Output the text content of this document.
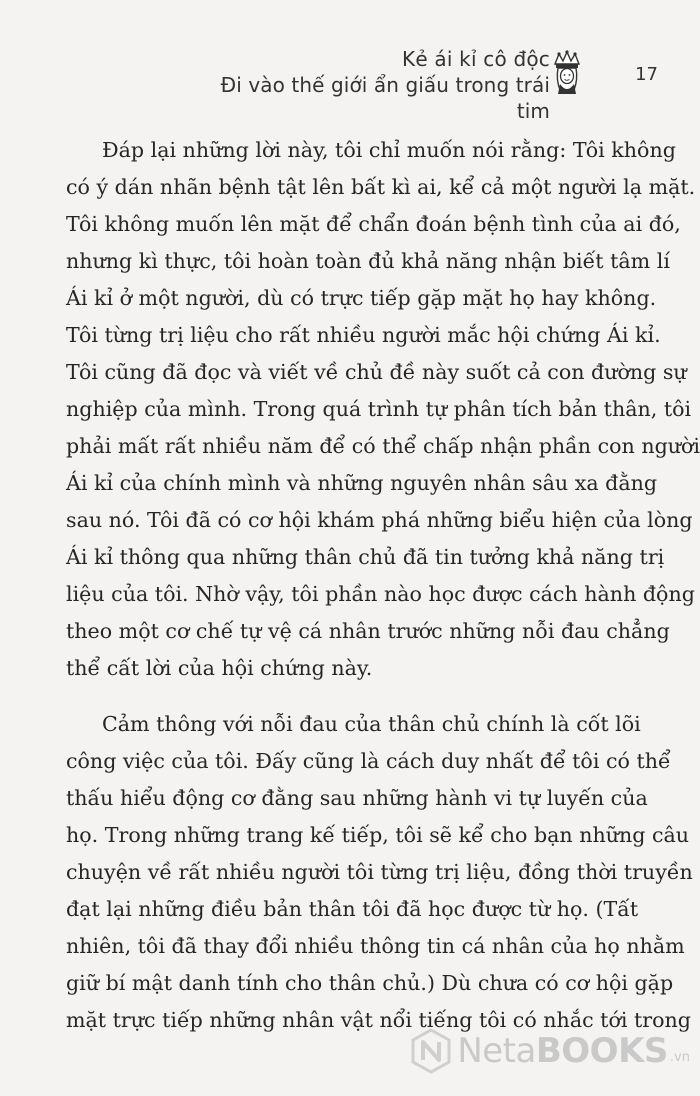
Kẻ ái kỉ cô độc
Đi vào thế giới ẩn giấu trong trái tim
17

Đáp lại những lời này, tôi chỉ muốn nói rằng: Tôi không

có ý dán nhãn bệnh tật lên bất kì ai, kể cả một người lạ mặt.

Tôi không muốn lên mặt để chẩn đoán bệnh tình của ai đó,

nhưng kì thực, tôi hoàn toàn đủ khả năng nhận biết tâm lí

Ái kỉ ở một người, dù có trực tiếp gặp mặt họ hay không.

Tôi từng trị liệu cho rất nhiều người mắc hội chứng Ái kỉ.

Tôi cũng đã đọc và viết về chủ đề này suốt cả con đường sự

nghiệp của mình. Trong quá trình tự phân tích bản thân, tôi

phải mất rất nhiều năm để có thể chấp nhận phần con người

Ái kỉ của chính mình và những nguyên nhân sâu xa đằng

sau nó. Tôi đã có cơ hội khám phá những biểu hiện của lòng

Ái kỉ thông qua những thân chủ đã tin tưởng khả năng trị

liệu của tôi. Nhờ vậy, tôi phần nào học được cách hành động

theo một cơ chế tự vệ cá nhân trước những nỗi đau chẳng

thể cất lời của hội chứng này.

Cảm thông với nỗi đau của thân chủ chính là cốt lõi

công việc của tôi. Đấy cũng là cách duy nhất để tôi có thể

thấu hiểu động cơ đằng sau những hành vi tự luyến của

họ. Trong những trang kế tiếp, tôi sẽ kể cho bạn những câu

chuyện về rất nhiều người tôi từng trị liệu, đồng thời truyền

đạt lại những điều bản thân tôi đã học được từ họ. (Tất

nhiên, tôi đã thay đổi nhiều thông tin cá nhân của họ nhằm

giữ bí mật danh tính cho thân chủ.) Dù chưa có cơ hội gặp

mặt trực tiếp những nhân vật nổi tiếng tôi có nhắc tới trong

NetaBOOKS .vn
